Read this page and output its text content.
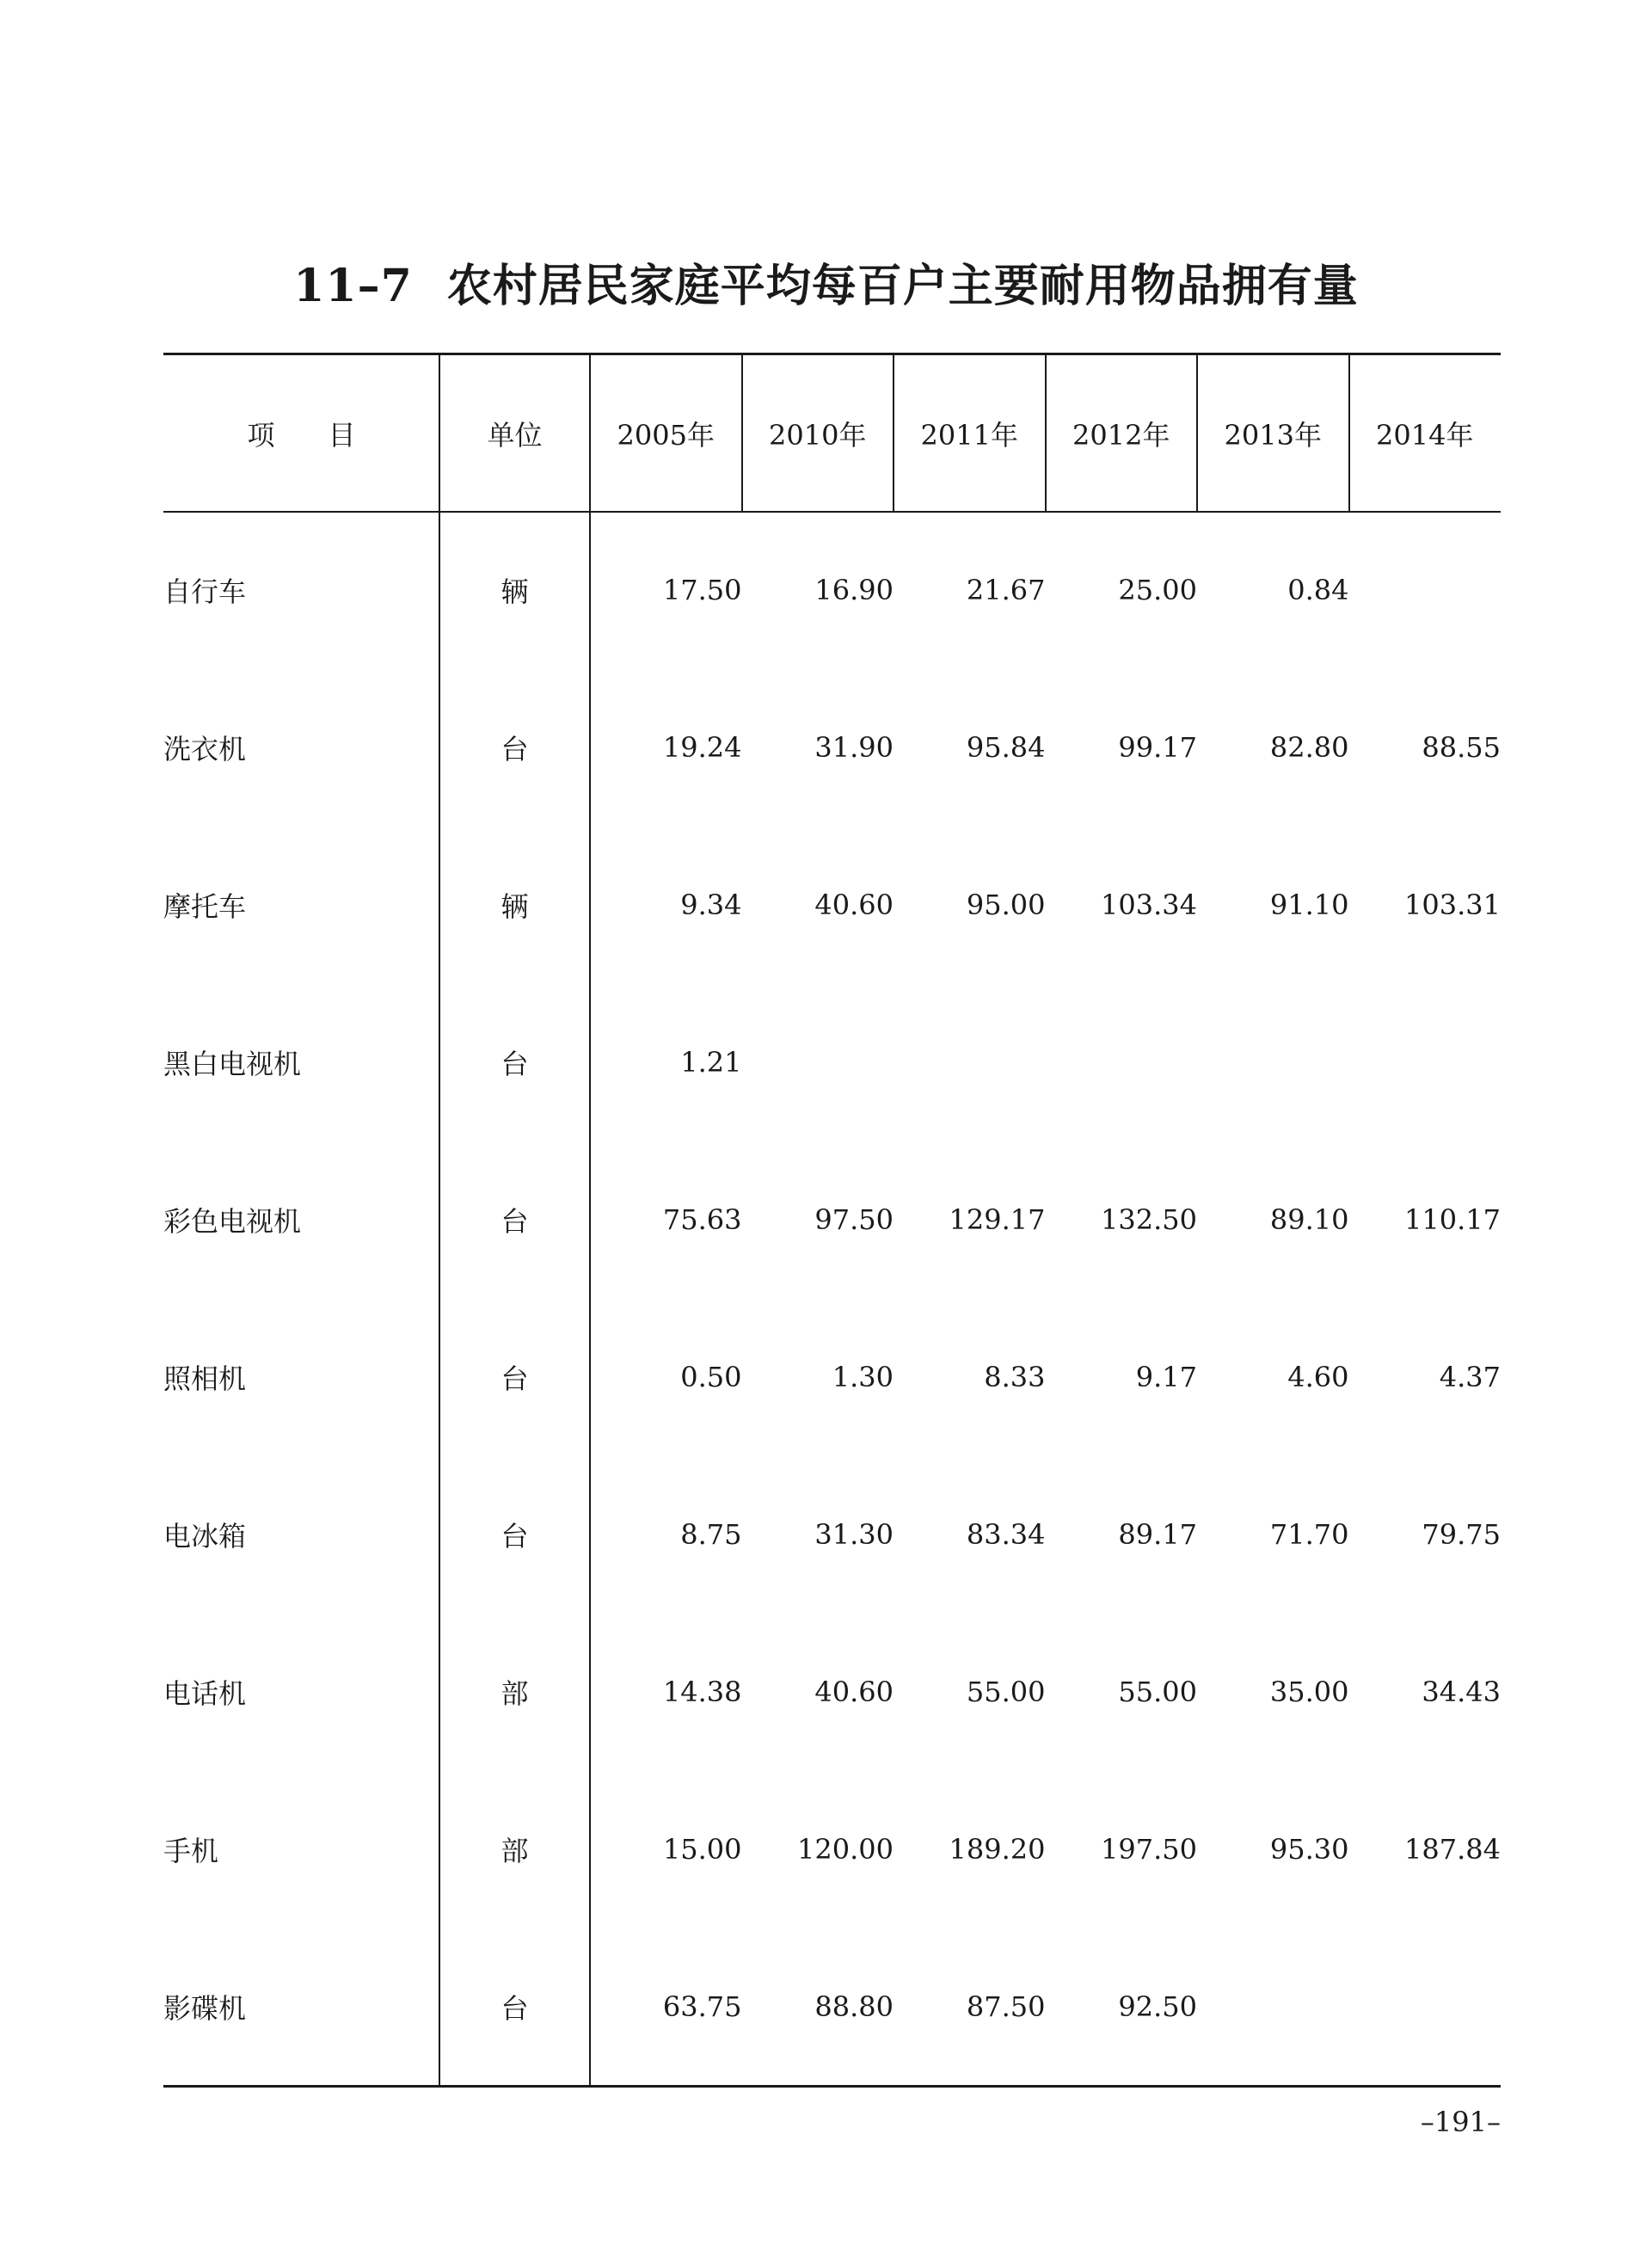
11–7 农村居民家庭平均每百户主要耐用物品拥有量
项 目	单位	2005年	2010年	2011年	2012年	2013年	2014年
自行车	辆	17.50	16.90	21.67	25.00	0.84	
洗衣机	台	19.24	31.90	95.84	99.17	82.80	88.55
摩托车	辆	9.34	40.60	95.00	103.34	91.10	103.31
黑白电视机	台	1.21					
彩色电视机	台	75.63	97.50	129.17	132.50	89.10	110.17
照相机	台	0.50	1.30	8.33	9.17	4.60	4.37
电冰箱	台	8.75	31.30	83.34	89.17	71.70	79.75
电话机	部	14.38	40.60	55.00	55.00	35.00	34.43
手机	部	15.00	120.00	189.20	197.50	95.30	187.84
影碟机	台	63.75	88.80	87.50	92.50		
–191–
